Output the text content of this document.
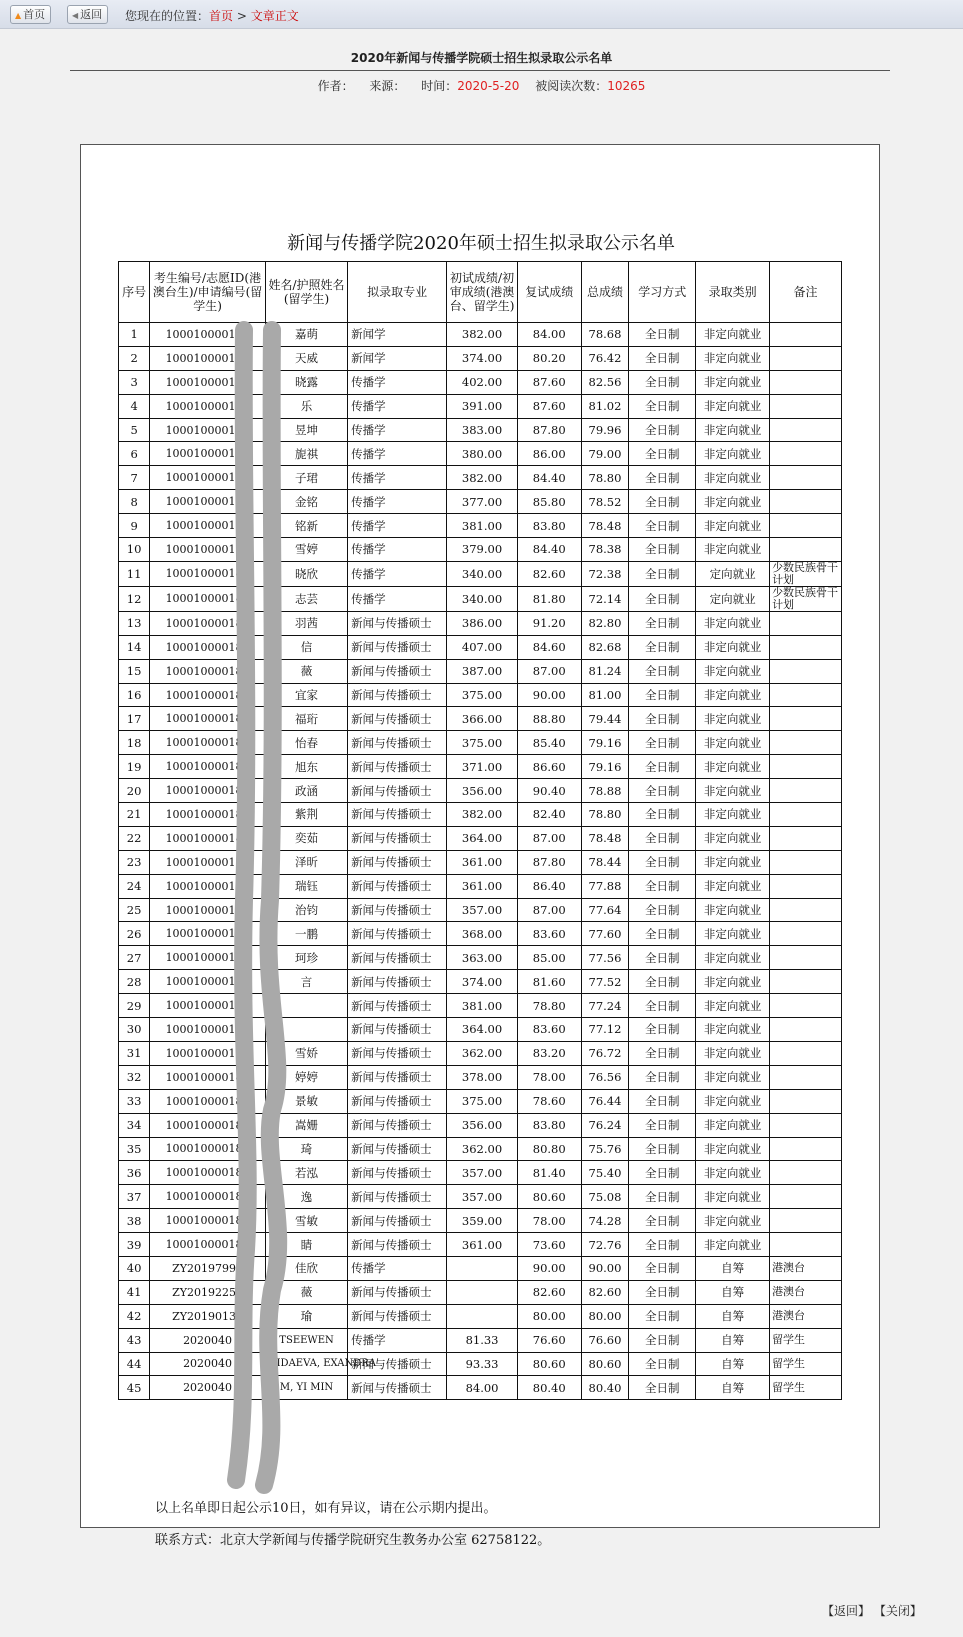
▲ 首页	◀ 返回	您现在的位置：首页 > 文章正文
2020年新闻与传播学院硕士招生拟录取公示名单
作者： 来源： 时间：2020-5-20 被阅读次数：10265
新闻与传播学院2020年硕士招生拟录取公示名单
序号	考生编号/志愿ID(港澳台生)/申请编号(留学生)	姓名/护照姓名(留学生)	拟录取专业	初试成绩/初审成绩(港澳台、留学生)	复试成绩	总成绩	学习方式	录取类别	备注
1	100010000180	嘉萌	新闻学	382.00	84.00	78.68	全日制	非定向就业	
2	100010000180	天威	新闻学	374.00	80.20	76.42	全日制	非定向就业	
3	100010000180	晓露	传播学	402.00	87.60	82.56	全日制	非定向就业	
4	100010000180	乐	传播学	391.00	87.60	81.02	全日制	非定向就业	
5	100010000180	昱坤	传播学	383.00	87.80	79.96	全日制	非定向就业	
6	100010000180	旎祺	传播学	380.00	86.00	79.00	全日制	非定向就业	
7	100010000180	子珺	传播学	382.00	84.40	78.80	全日制	非定向就业	
8	100010000180	金铭	传播学	377.00	85.80	78.52	全日制	非定向就业	
9	100010000180	铭新	传播学	381.00	83.80	78.48	全日制	非定向就业	
10	100010000180	雪婷	传播学	379.00	84.40	78.38	全日制	非定向就业	
11	100010000180	晓欣	传播学	340.00	82.60	72.38	全日制	定向就业	少数民族骨干计划
12	100010000180	志芸	传播学	340.00	81.80	72.14	全日制	定向就业	少数民族骨干计划
13	100010000180	羽茜	新闻与传播硕士	386.00	91.20	82.80	全日制	非定向就业	
14	100010000180	信	新闻与传播硕士	407.00	84.60	82.68	全日制	非定向就业	
15	100010000180	薇	新闻与传播硕士	387.00	87.00	81.24	全日制	非定向就业	
16	100010000180	宜家	新闻与传播硕士	375.00	90.00	81.00	全日制	非定向就业	
17	100010000180	福珩	新闻与传播硕士	366.00	88.80	79.44	全日制	非定向就业	
18	100010000180	怡春	新闻与传播硕士	375.00	85.40	79.16	全日制	非定向就业	
19	100010000180	旭东	新闻与传播硕士	371.00	86.60	79.16	全日制	非定向就业	
20	100010000180	政涵	新闻与传播硕士	356.00	90.40	78.88	全日制	非定向就业	
21	100010000180	紫荆	新闻与传播硕士	382.00	82.40	78.80	全日制	非定向就业	
22	100010000180	奕茹	新闻与传播硕士	364.00	87.00	78.48	全日制	非定向就业	
23	100010000180	泽昕	新闻与传播硕士	361.00	87.80	78.44	全日制	非定向就业	
24	100010000180	瑞钰	新闻与传播硕士	361.00	86.40	77.88	全日制	非定向就业	
25	100010000180	治钧	新闻与传播硕士	357.00	87.00	77.64	全日制	非定向就业	
26	100010000180	一鹏	新闻与传播硕士	368.00	83.60	77.60	全日制	非定向就业	
27	100010000180	珂珍	新闻与传播硕士	363.00	85.00	77.56	全日制	非定向就业	
28	100010000180	言	新闻与传播硕士	374.00	81.60	77.52	全日制	非定向就业	
29	100010000180		新闻与传播硕士	381.00	78.80	77.24	全日制	非定向就业	
30	100010000180		新闻与传播硕士	364.00	83.60	77.12	全日制	非定向就业	
31	100010000181	雪娇	新闻与传播硕士	362.00	83.20	76.72	全日制	非定向就业	
32	100010000180	婷婷	新闻与传播硕士	378.00	78.00	76.56	全日制	非定向就业	
33	100010000180	景敏	新闻与传播硕士	375.00	78.60	76.44	全日制	非定向就业	
34	100010000180	嵩姗	新闻与传播硕士	356.00	83.80	76.24	全日制	非定向就业	
35	100010000180	琦	新闻与传播硕士	362.00	80.80	75.76	全日制	非定向就业	
36	100010000180	若泓	新闻与传播硕士	357.00	81.40	75.40	全日制	非定向就业	
37	100010000180	逸	新闻与传播硕士	357.00	80.60	75.08	全日制	非定向就业	
38	100010000180	雪敏	新闻与传播硕士	359.00	78.00	74.28	全日制	非定向就业	
39	100010000180	睛	新闻与传播硕士	361.00	73.60	72.76	全日制	非定向就业	
40	ZY20197993	佳欣	传播学		90.00	90.00	全日制	自筹	港澳台
41	ZY20192256	薇	新闻与传播硕士		82.60	82.60	全日制	自筹	港澳台
42	ZY20190131	瑜	新闻与传播硕士		80.00	80.00	全日制	自筹	港澳台
43	2020040	TSEEWEN	传播学	81.33	76.60	76.60	全日制	自筹	留学生
44	2020040	HIDAEVA, EXANDRA	新闻与传播硕士	93.33	80.60	80.60	全日制	自筹	留学生
45	2020040	M, YI MIN	新闻与传播硕士	84.00	80.40	80.40	全日制	自筹	留学生
以上名单即日起公示10日，如有异议，请在公示期内提出。
联系方式：北京大学新闻与传播学院研究生教务办公室 62758122。
【返回】 【关闭】
